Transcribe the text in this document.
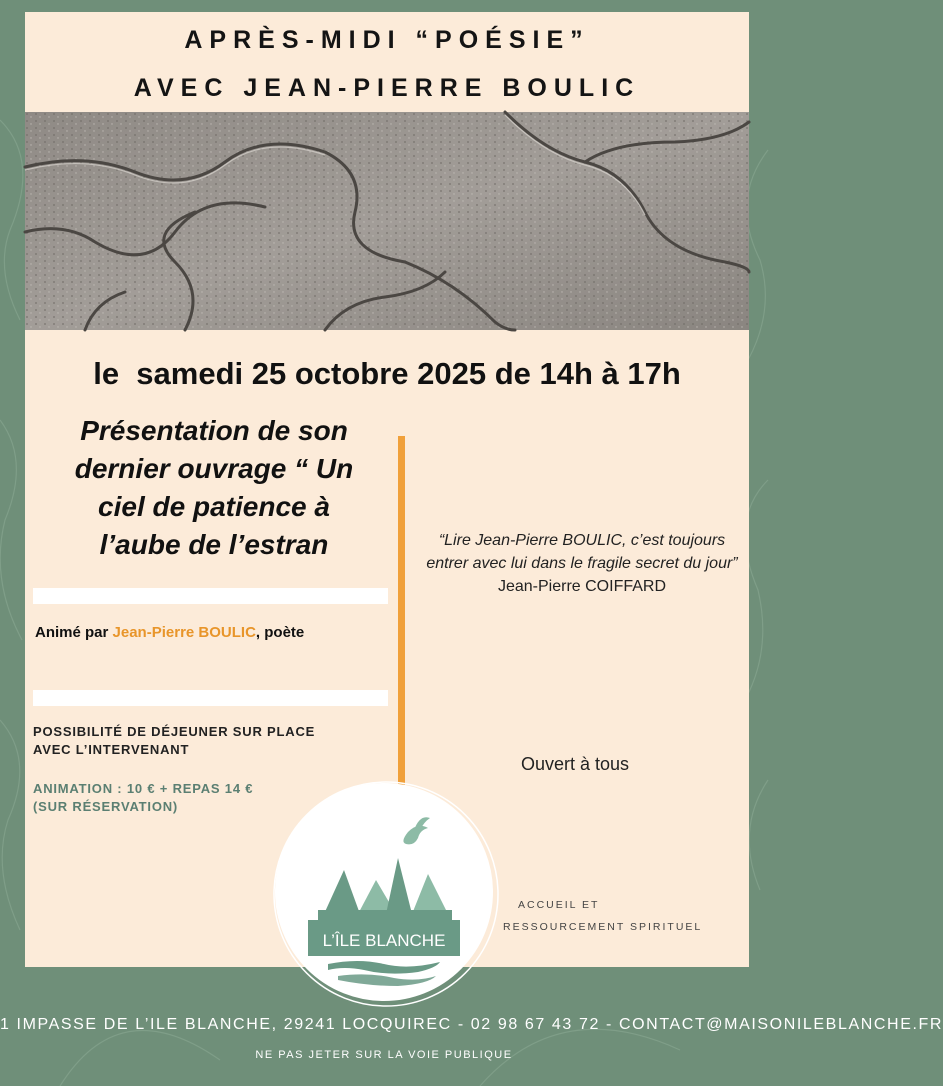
APRÈS-MIDI “POÉSIE”
AVEC JEAN-PIERRE BOULIC
le  samedi 25 octobre 2025 de 14h à 17h
Présentation de son
dernier ouvrage “ Un
ciel de patience à
l’aube de l’estran
Animé par Jean-Pierre BOULIC, poète
“Lire Jean-Pierre BOULIC, c’est toujours entrer avec lui dans le fragile secret du jour” Jean-Pierre COIFFARD
POSSIBILITÉ DE DÉJEUNER SUR PLACE
AVEC L’INTERVENANT
ANIMATION : 10 € + REPAS 14 €
(SUR RÉSERVATION)
Ouvert à tous
ACCUEIL ET
RESSOURCEMENT SPIRITUEL
L’ÎLE BLANCHE
1 IMPASSE DE L’ILE BLANCHE, 29241 LOCQUIREC - 02 98 67 43 72 - CONTACT@MAISONILEBLANCHE.FR
NE PAS JETER SUR LA VOIE PUBLIQUE
